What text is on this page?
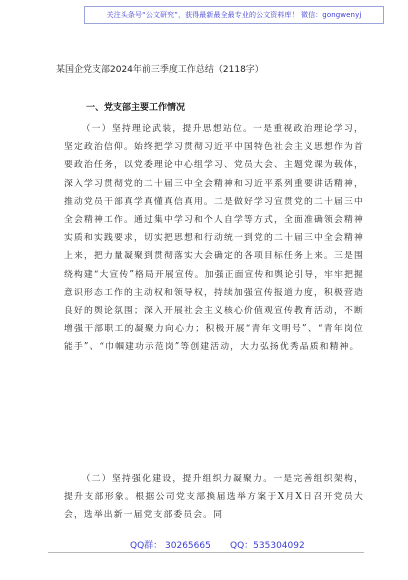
关注头条号“公文研究”，获得最新最全最专业的公文资料库！ 微信：gongwenyj
某国企党支部2024年前三季度工作总结（2118字）
一、党支部主要工作情况

（一）坚持理论武装，提升思想站位。一是重视政治理论学习，坚定政治信仰。始终把学习贯彻习近平中国特色社会主义思想作为首要政治任务，以党委理论中心组学习、党员大会、主题党课为载体，深入学习贯彻党的二十届三中全会精神和习近平系列重要讲话精神，推动党员干部真学真懂真信真用。二是做好学习宣贯党的二十届三中全会精神工作。通过集中学习和个人自学等方式，全面准确领会精神实质和实践要求，切实把思想和行动统一到党的二十届三中全会精神上来，把力量凝聚到贯彻落实大会确定的各项目标任务上来。三是围绕构建“大宣传”格局开展宣传。加强正面宣传和舆论引导，牢牢把握意识形态工作的主动权和领导权，持续加强宣传报道力度，积极营造良好的舆论氛围；深入开展社会主义核心价值观宣传教育活动，不断增强干部职工的凝聚力向心力；积极开展“青年文明号”、“青年岗位能手”、“巾帼建功示范岗”等创建活动，大力弘扬优秀品质和精神。

（二）坚持强化建设，提升组织力凝聚力。一是完善组织架构，提升支部形象。根据公司党支部换届选举方案于X月X日召开党员大会，选举出新一届党支部委员会。同

QQ群： 30265665 QQ：535304092
